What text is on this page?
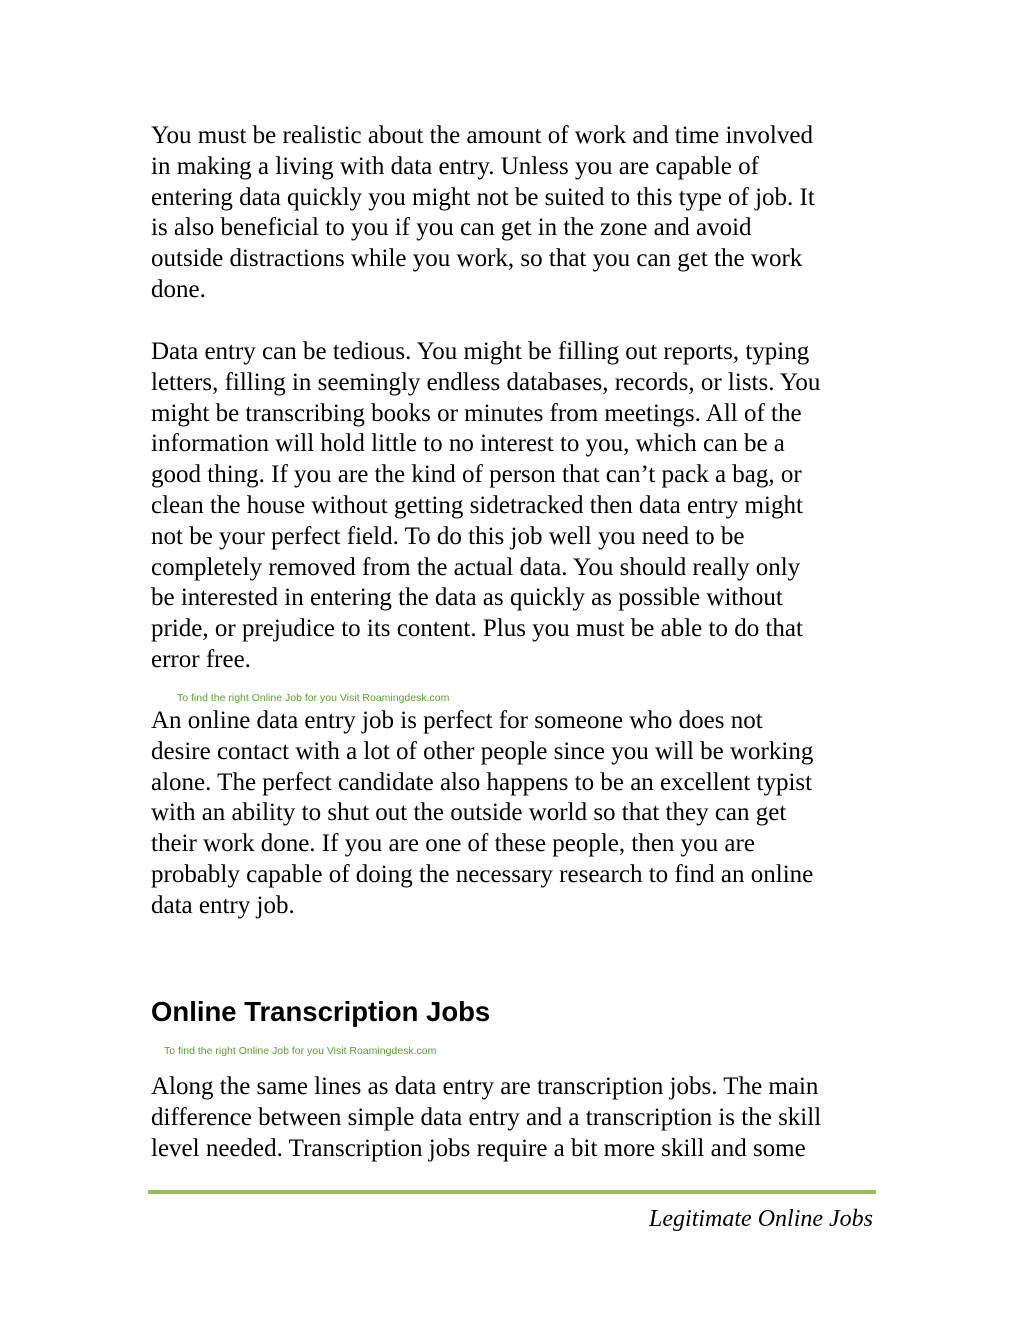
You must be realistic about the amount of work and time involved
in making a living with data entry. Unless you are capable of
entering data quickly you might not be suited to this type of job. It
is also beneficial to you if you can get in the zone and avoid
outside distractions while you work, so that you can get the work
done.

Data entry can be tedious. You might be filling out reports, typing
letters, filling in seemingly endless databases, records, or lists. You
might be transcribing books or minutes from meetings. All of the
information will hold little to no interest to you, which can be a
good thing. If you are the kind of person that can’t pack a bag, or
clean the house without getting sidetracked then data entry might
not be your perfect field. To do this job well you need to be
completely removed from the actual data. You should really only
be interested in entering the data as quickly as possible without
pride, or prejudice to its content. Plus you must be able to do that
error free.

To find the right Online Job for you Visit Roamingdesk.com

An online data entry job is perfect for someone who does not
desire contact with a lot of other people since you will be working
alone. The perfect candidate also happens to be an excellent typist
with an ability to shut out the outside world so that they can get
their work done. If you are one of these people, then you are
probably capable of doing the necessary research to find an online
data entry job.

Online Transcription Jobs

To find the right Online Job for you Visit Roamingdesk.com

Along the same lines as data entry are transcription jobs. The main
difference between simple data entry and a transcription is the skill
level needed. Transcription jobs require a bit more skill and some

Legitimate Online Jobs
